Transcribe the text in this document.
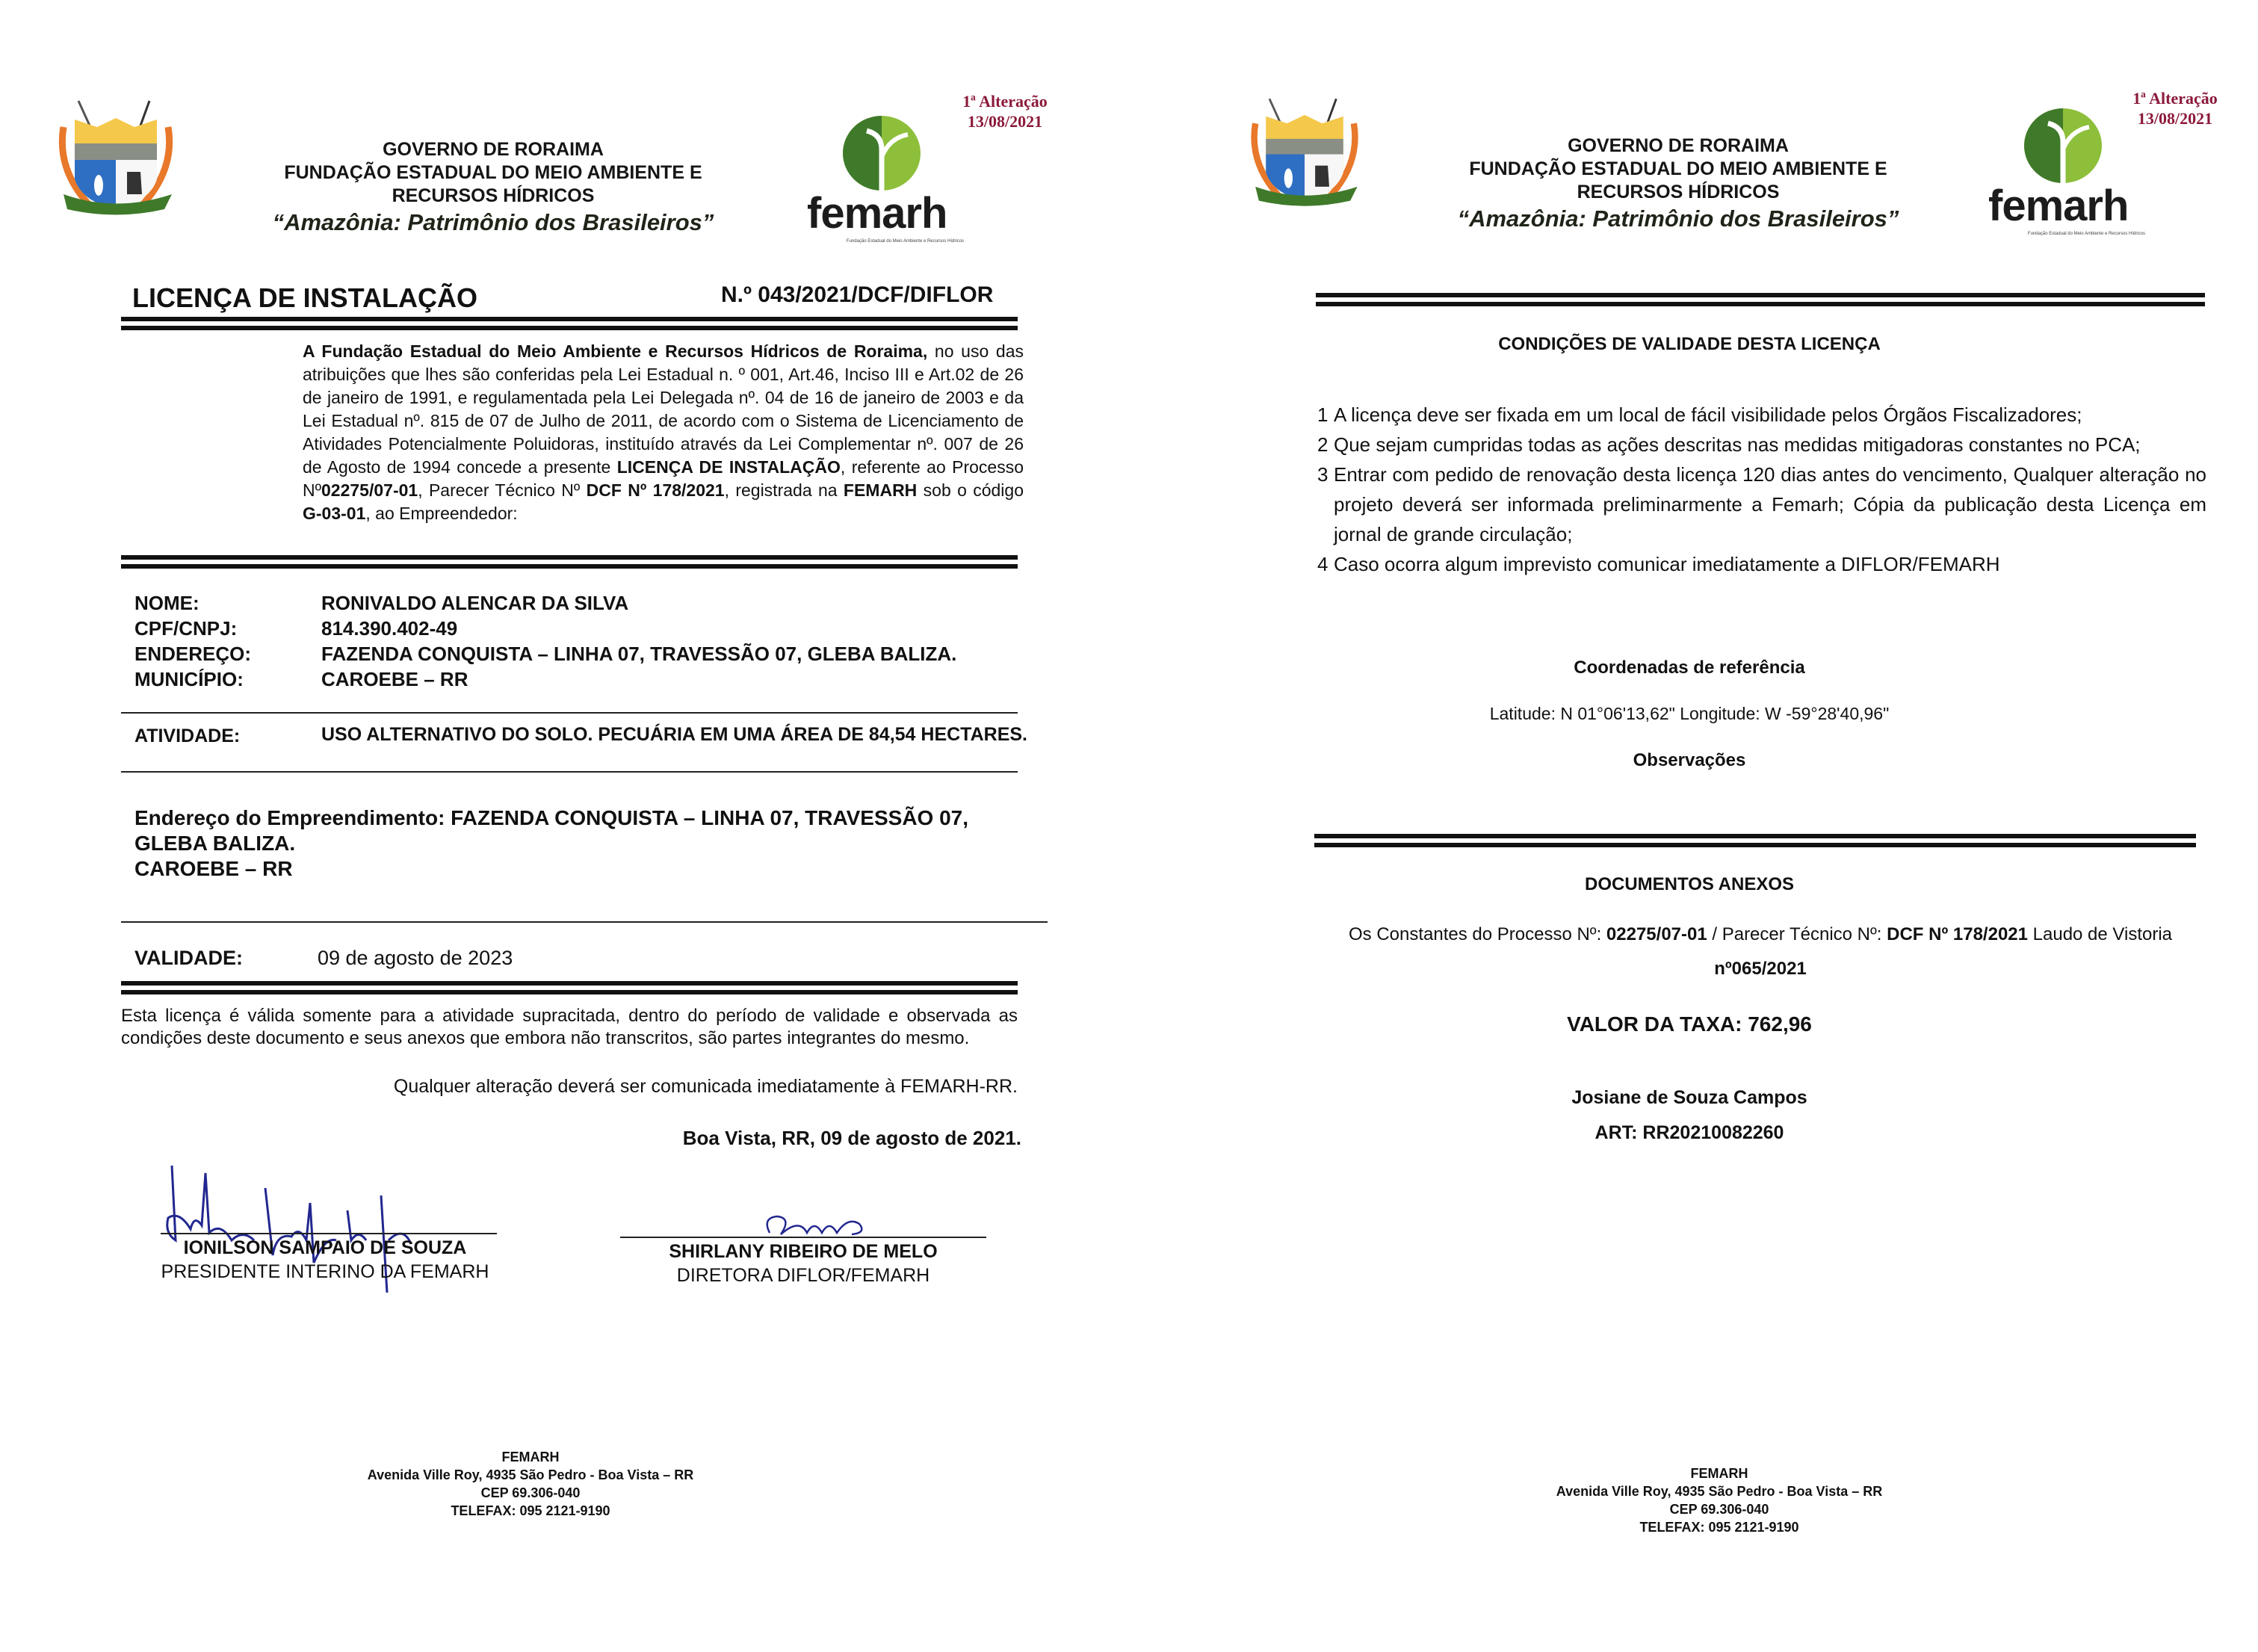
GOVERNO DE RORAIMA
FUNDAÇÃO ESTADUAL DO MEIO AMBIENTE E
RECURSOS HÍDRICOS
“Amazônia: Patrimônio dos Brasileiros”	femarh
Fundação Estadual do Meio Ambiente e Recursos Hídricos
1ª Alteração
13/08/2021
LICENÇA DE INSTALAÇÃO	N.º 043/2021/DCF/DIFLOR
A Fundação Estadual do Meio Ambiente e Recursos Hídricos de Roraima, no uso das atribuições que lhes são conferidas pela Lei Estadual n. º 001, Art.46, Inciso III e Art.02 de 26 de janeiro de 1991, e regulamentada pela Lei Delegada nº. 04 de 16 de janeiro de 2003 e da Lei Estadual nº. 815 de 07 de Julho de 2011, de acordo com o Sistema de Licenciamento de Atividades Potencialmente Poluidoras, instituído através da Lei Complementar nº. 007 de 26 de Agosto de 1994 concede a presente LICENÇA DE INSTALAÇÃO, referente ao Processo Nº02275/07-01, Parecer Técnico Nº DCF Nº 178/2021, registrada na FEMARH sob o código G-03-01, ao Empreendedor:
NOME:	RONIVALDO ALENCAR DA SILVA
CPF/CNPJ:	814.390.402-49
ENDEREÇO:	FAZENDA CONQUISTA – LINHA 07, TRAVESSÃO 07, GLEBA BALIZA.
MUNICÍPIO:	CAROEBE – RR
ATIVIDADE:	USO ALTERNATIVO DO SOLO. PECUÁRIA EM UMA ÁREA DE 84,54 HECTARES.
Endereço do Empreendimento: FAZENDA CONQUISTA – LINHA 07, TRAVESSÃO 07, GLEBA BALIZA.
CAROEBE – RR
VALIDADE:	09 de agosto de 2023
Esta licença é válida somente para a atividade supracitada, dentro do período de validade e observada as condições deste documento e seus anexos que embora não transcritos, são partes integrantes do mesmo.
Qualquer alteração deverá ser comunicada imediatamente à FEMARH-RR.
Boa Vista, RR, 09 de agosto de 2021.
IONILSON SAMPAIO DE SOUZA
PRESIDENTE INTERINO DA FEMARH
SHIRLANY RIBEIRO DE MELO
DIRETORA DIFLOR/FEMARH
FEMARH
Avenida Ville Roy, 4935 São Pedro - Boa Vista – RR
CEP 69.306-040
TELEFAX: 095 2121-9190
GOVERNO DE RORAIMA
FUNDAÇÃO ESTADUAL DO MEIO AMBIENTE E
RECURSOS HÍDRICOS
“Amazônia: Patrimônio dos Brasileiros”	femarh
Fundação Estadual do Meio Ambiente e Recursos Hídricos
1ª Alteração
13/08/2021
CONDIÇÕES DE VALIDADE DESTA LICENÇA
1 A licença deve ser fixada em um local de fácil visibilidade pelos Órgãos Fiscalizadores;
2 Que sejam cumpridas todas as ações descritas nas medidas mitigadoras constantes no PCA;
3 Entrar com pedido de renovação desta licença 120 dias antes do vencimento, Qualquer alteração no projeto deverá ser informada preliminarmente a Femarh; Cópia da publicação desta Licença em jornal de grande circulação;
4 Caso ocorra algum imprevisto comunicar imediatamente a DIFLOR/FEMARH
Coordenadas de referência
Latitude: N 01°06'13,62" Longitude: W -59°28'40,96"
Observações
DOCUMENTOS ANEXOS
Os Constantes do Processo Nº: 02275/07-01 / Parecer Técnico Nº: DCF Nº 178/2021 Laudo de Vistoria nº065/2021
VALOR DA TAXA: 762,96
Josiane de Souza Campos
ART: RR20210082260
FEMARH
Avenida Ville Roy, 4935 São Pedro - Boa Vista – RR
CEP 69.306-040
TELEFAX: 095 2121-9190
